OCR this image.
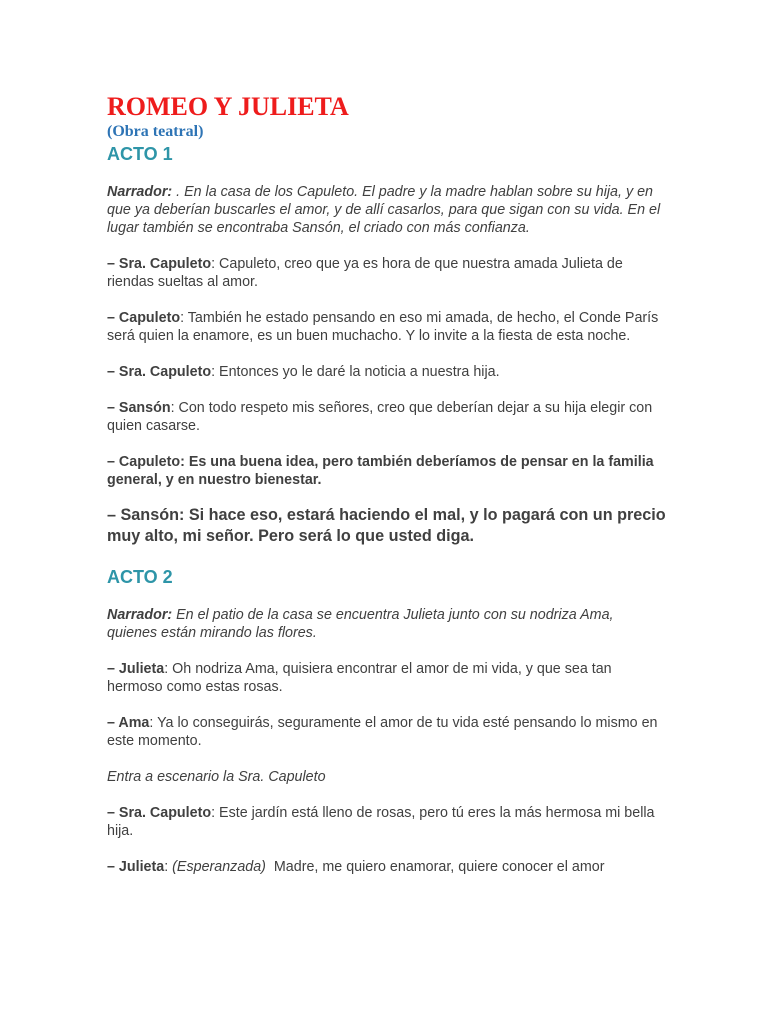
ROMEO Y JULIETA
(Obra teatral)
ACTO 1

Narrador: . En la casa de los Capuleto. El padre y la madre hablan sobre su hija, y en que ya deberían buscarles el amor, y de allí casarlos, para que sigan con su vida. En el lugar también se encontraba Sansón, el criado con más confianza.

– Sra. Capuleto: Capuleto, creo que ya es hora de que nuestra amada Julieta de riendas sueltas al amor.

– Capuleto: También he estado pensando en eso mi amada, de hecho, el Conde París será quien la enamore, es un buen muchacho. Y lo invite a la fiesta de esta noche.

– Sra. Capuleto: Entonces yo le daré la noticia a nuestra hija.

– Sansón: Con todo respeto mis señores, creo que deberían dejar a su hija elegir con quien casarse.

– Capuleto: Es una buena idea, pero también deberíamos de pensar en la familia general, y en nuestro bienestar.

– Sansón: Si hace eso, estará haciendo el mal, y lo pagará con un precio muy alto, mi señor. Pero será lo que usted diga.

ACTO 2

Narrador: En el patio de la casa se encuentra Julieta junto con su nodriza Ama, quienes están mirando las flores.

– Julieta: Oh nodriza Ama, quisiera encontrar el amor de mi vida, y que sea tan hermoso como estas rosas.

– Ama: Ya lo conseguirás, seguramente el amor de tu vida esté pensando lo mismo en este momento.

Entra a escenario la Sra. Capuleto

– Sra. Capuleto: Este jardín está lleno de rosas, pero tú eres la más hermosa mi bella hija.

– Julieta: (Esperanzada)  Madre, me quiero enamorar, quiere conocer el amor
